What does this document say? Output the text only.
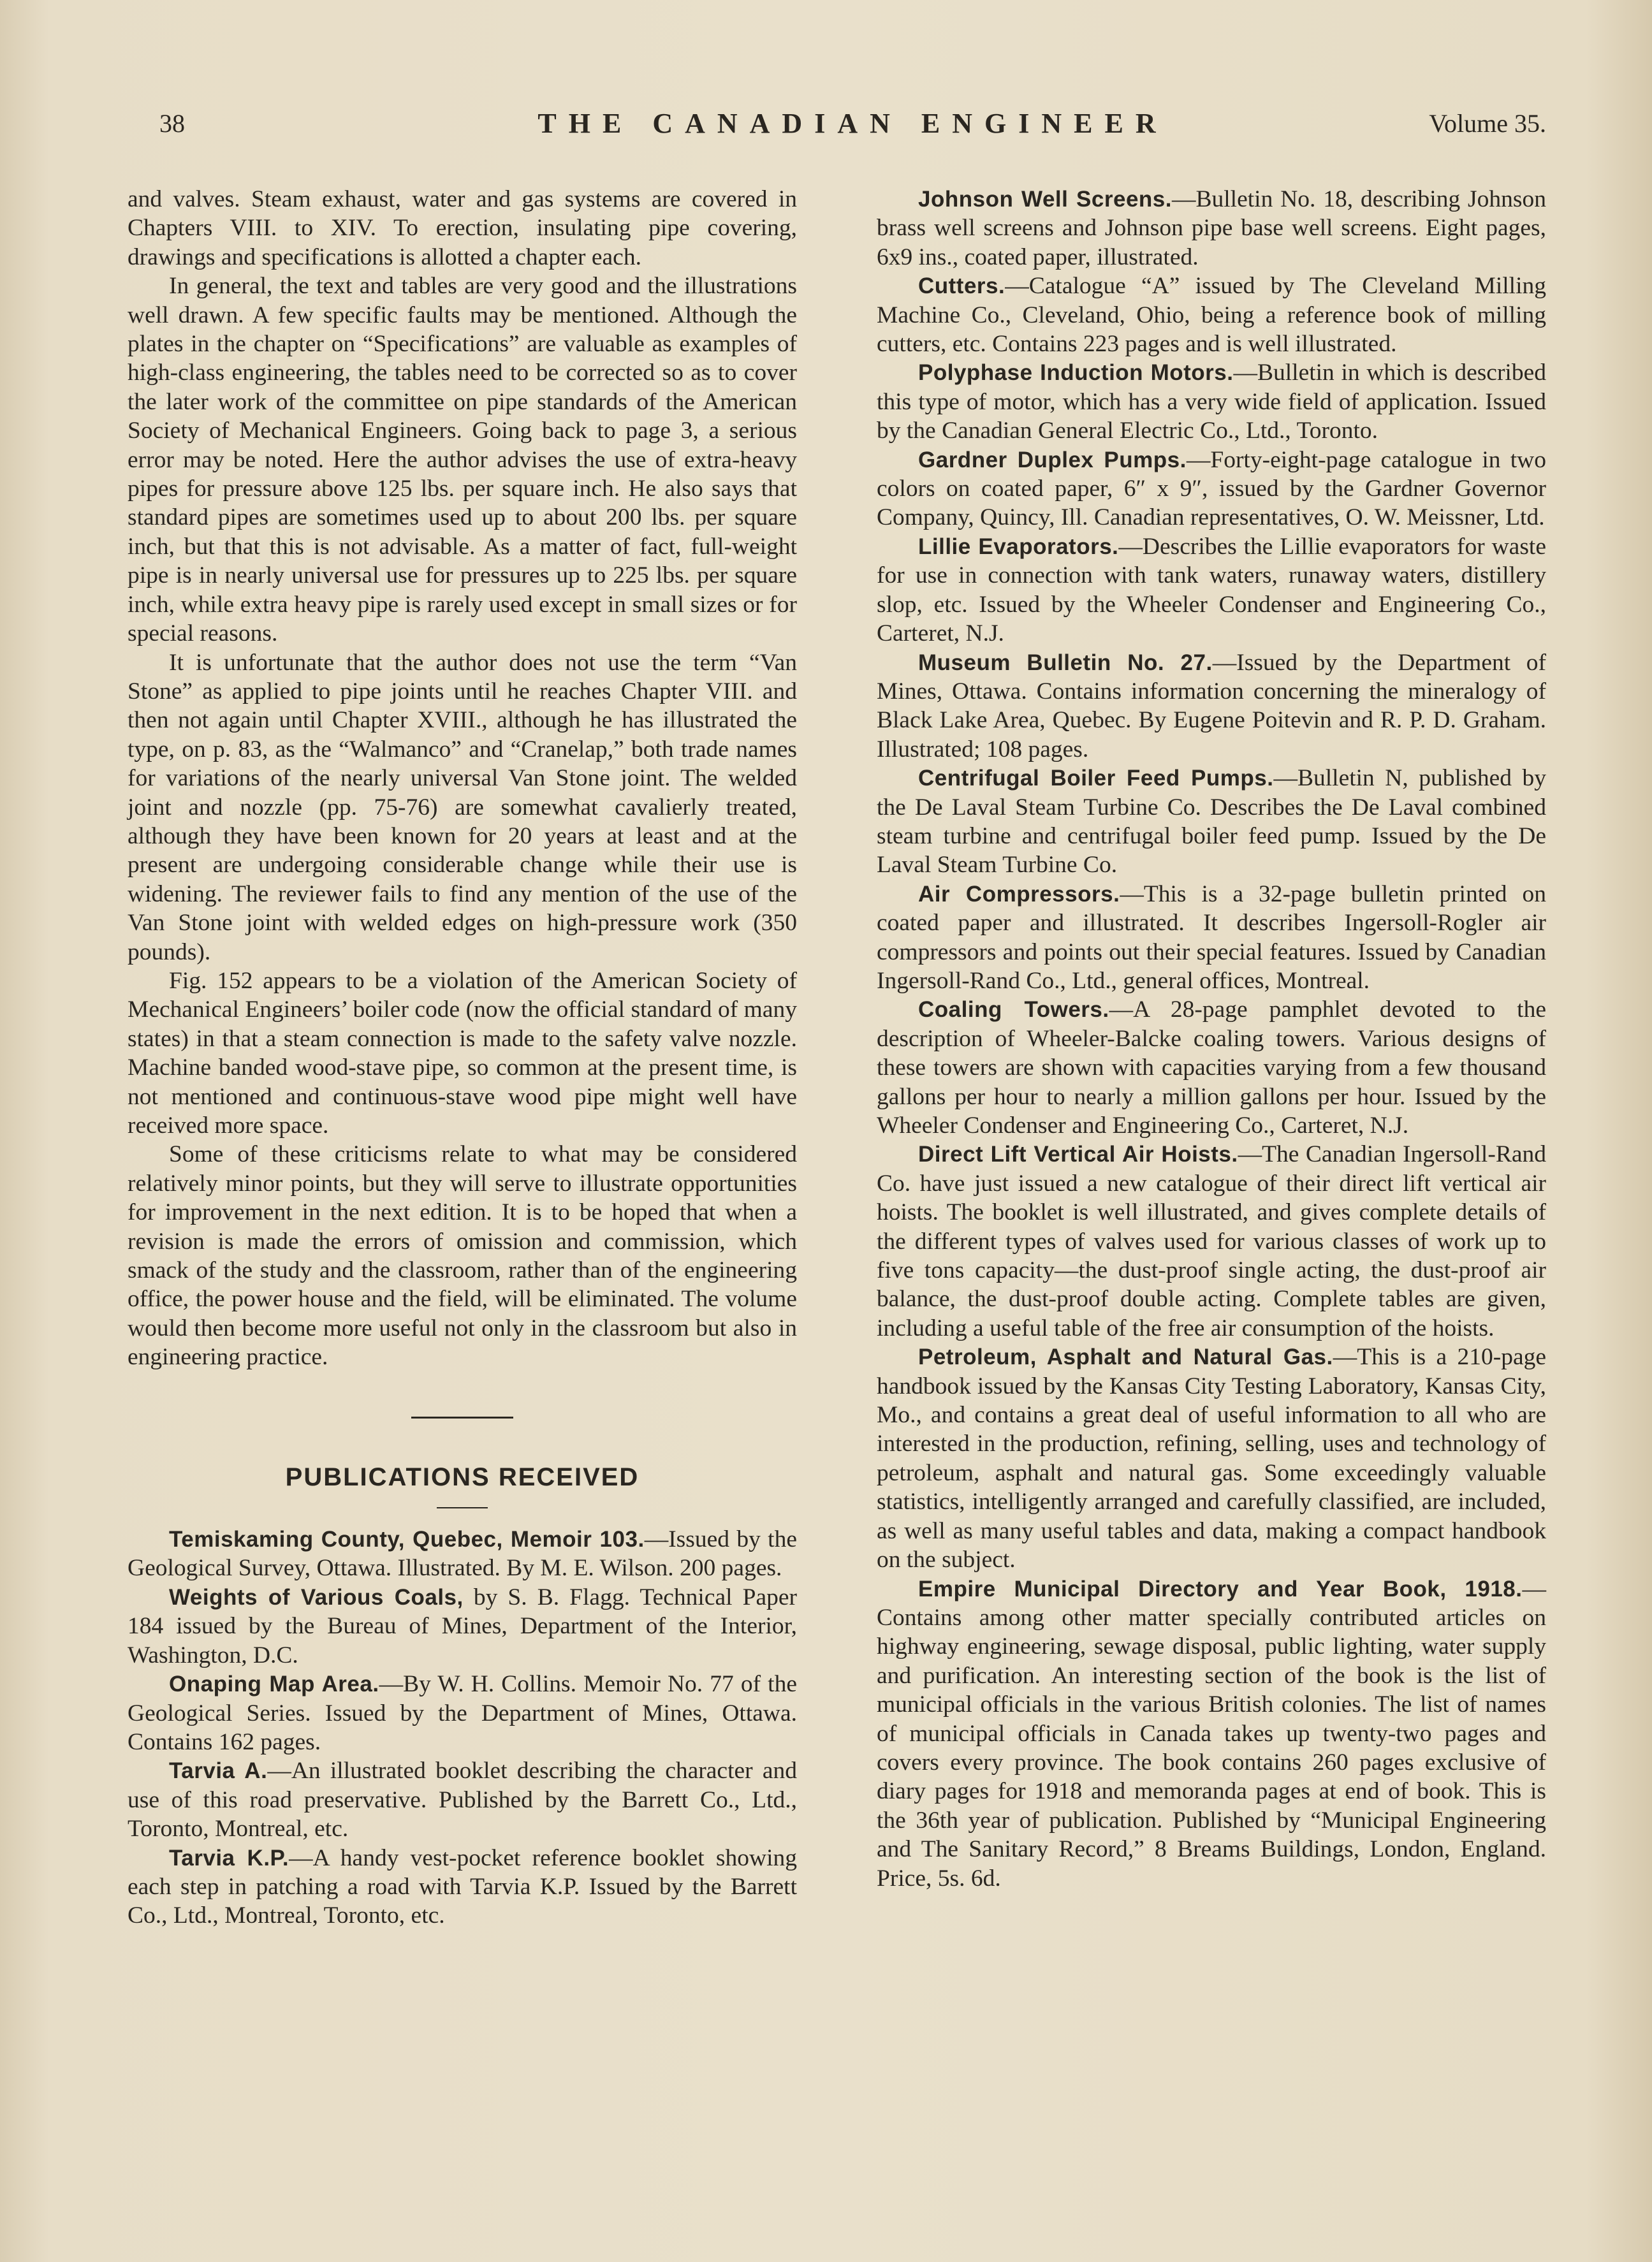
38	THE CANADIAN ENGINEER	Volume 35.

and valves. Steam exhaust, water and gas systems are covered in Chapters VIII. to XIV. To erection, insulating pipe covering, drawings and specifications is allotted a chapter each.

In general, the text and tables are very good and the illustrations well drawn. A few specific faults may be mentioned. Although the plates in the chapter on “Specifications” are valuable as examples of high-class engineering, the tables need to be corrected so as to cover the later work of the committee on pipe standards of the American Society of Mechanical Engineers. Going back to page 3, a serious error may be noted. Here the author advises the use of extra-heavy pipes for pressure above 125 lbs. per square inch. He also says that standard pipes are sometimes used up to about 200 lbs. per square inch, but that this is not advisable. As a matter of fact, full-weight pipe is in nearly universal use for pressures up to 225 lbs. per square inch, while extra heavy pipe is rarely used except in small sizes or for special reasons.

It is unfortunate that the author does not use the term “Van Stone” as applied to pipe joints until he reaches Chapter VIII. and then not again until Chapter XVIII., although he has illustrated the type, on p. 83, as the “Walmanco” and “Cranelap,” both trade names for variations of the nearly universal Van Stone joint. The welded joint and nozzle (pp. 75-76) are somewhat cavalierly treated, although they have been known for 20 years at least and at the present are undergoing considerable change while their use is widening. The reviewer fails to find any mention of the use of the Van Stone joint with welded edges on high-pressure work (350 pounds).

Fig. 152 appears to be a violation of the American Society of Mechanical Engineers’ boiler code (now the official standard of many states) in that a steam connection is made to the safety valve nozzle. Machine banded wood-stave pipe, so common at the present time, is not mentioned and continuous-stave wood pipe might well have received more space.

Some of these criticisms relate to what may be considered relatively minor points, but they will serve to illustrate opportunities for improvement in the next edition. It is to be hoped that when a revision is made the errors of omission and commission, which smack of the study and the classroom, rather than of the engineering office, the power house and the field, will be eliminated. The volume would then become more useful not only in the classroom but also in engineering practice.

PUBLICATIONS RECEIVED

Temiskaming County, Quebec, Memoir 103.—Issued by the Geological Survey, Ottawa. Illustrated. By M. E. Wilson. 200 pages.

Weights of Various Coals, by S. B. Flagg. Technical Paper 184 issued by the Bureau of Mines, Department of the Interior, Washington, D.C.

Onaping Map Area.—By W. H. Collins. Memoir No. 77 of the Geological Series. Issued by the Department of Mines, Ottawa. Contains 162 pages.

Tarvia A.—An illustrated booklet describing the character and use of this road preservative. Published by the Barrett Co., Ltd., Toronto, Montreal, etc.

Tarvia K.P.—A handy vest-pocket reference booklet showing each step in patching a road with Tarvia K.P. Issued by the Barrett Co., Ltd., Montreal, Toronto, etc.

Johnson Well Screens.—Bulletin No. 18, describing Johnson brass well screens and Johnson pipe base well screens. Eight pages, 6x9 ins., coated paper, illustrated.

Cutters.—Catalogue “A” issued by The Cleveland Milling Machine Co., Cleveland, Ohio, being a reference book of milling cutters, etc. Contains 223 pages and is well illustrated.

Polyphase Induction Motors.—Bulletin in which is described this type of motor, which has a very wide field of application. Issued by the Canadian General Electric Co., Ltd., Toronto.

Gardner Duplex Pumps.—Forty-eight-page catalogue in two colors on coated paper, 6″ x 9″, issued by the Gardner Governor Company, Quincy, Ill. Canadian representatives, O. W. Meissner, Ltd.

Lillie Evaporators.—Describes the Lillie evaporators for waste for use in connection with tank waters, runaway waters, distillery slop, etc. Issued by the Wheeler Condenser and Engineering Co., Carteret, N.J.

Museum Bulletin No. 27.—Issued by the Department of Mines, Ottawa. Contains information concerning the mineralogy of Black Lake Area, Quebec. By Eugene Poitevin and R. P. D. Graham. Illustrated; 108 pages.

Centrifugal Boiler Feed Pumps.—Bulletin N, published by the De Laval Steam Turbine Co. Describes the De Laval combined steam turbine and centrifugal boiler feed pump. Issued by the De Laval Steam Turbine Co.

Air Compressors.—This is a 32-page bulletin printed on coated paper and illustrated. It describes Ingersoll-Rogler air compressors and points out their special features. Issued by Canadian Ingersoll-Rand Co., Ltd., general offices, Montreal.

Coaling Towers.—A 28-page pamphlet devoted to the description of Wheeler-Balcke coaling towers. Various designs of these towers are shown with capacities varying from a few thousand gallons per hour to nearly a million gallons per hour. Issued by the Wheeler Condenser and Engineering Co., Carteret, N.J.

Direct Lift Vertical Air Hoists.—The Canadian Ingersoll-Rand Co. have just issued a new catalogue of their direct lift vertical air hoists. The booklet is well illustrated, and gives complete details of the different types of valves used for various classes of work up to five tons capacity—the dust-proof single acting, the dust-proof air balance, the dust-proof double acting. Complete tables are given, including a useful table of the free air consumption of the hoists.

Petroleum, Asphalt and Natural Gas.—This is a 210-page handbook issued by the Kansas City Testing Laboratory, Kansas City, Mo., and contains a great deal of useful information to all who are interested in the production, refining, selling, uses and technology of petroleum, asphalt and natural gas. Some exceedingly valuable statistics, intelligently arranged and carefully classified, are included, as well as many useful tables and data, making a compact handbook on the subject.

Empire Municipal Directory and Year Book, 1918.—Contains among other matter specially contributed articles on highway engineering, sewage disposal, public lighting, water supply and purification. An interesting section of the book is the list of municipal officials in the various British colonies. The list of names of municipal officials in Canada takes up twenty-two pages and covers every province. The book contains 260 pages exclusive of diary pages for 1918 and memoranda pages at end of book. This is the 36th year of publication. Published by “Municipal Engineering and The Sanitary Record,” 8 Breams Buildings, London, England. Price, 5s. 6d.
